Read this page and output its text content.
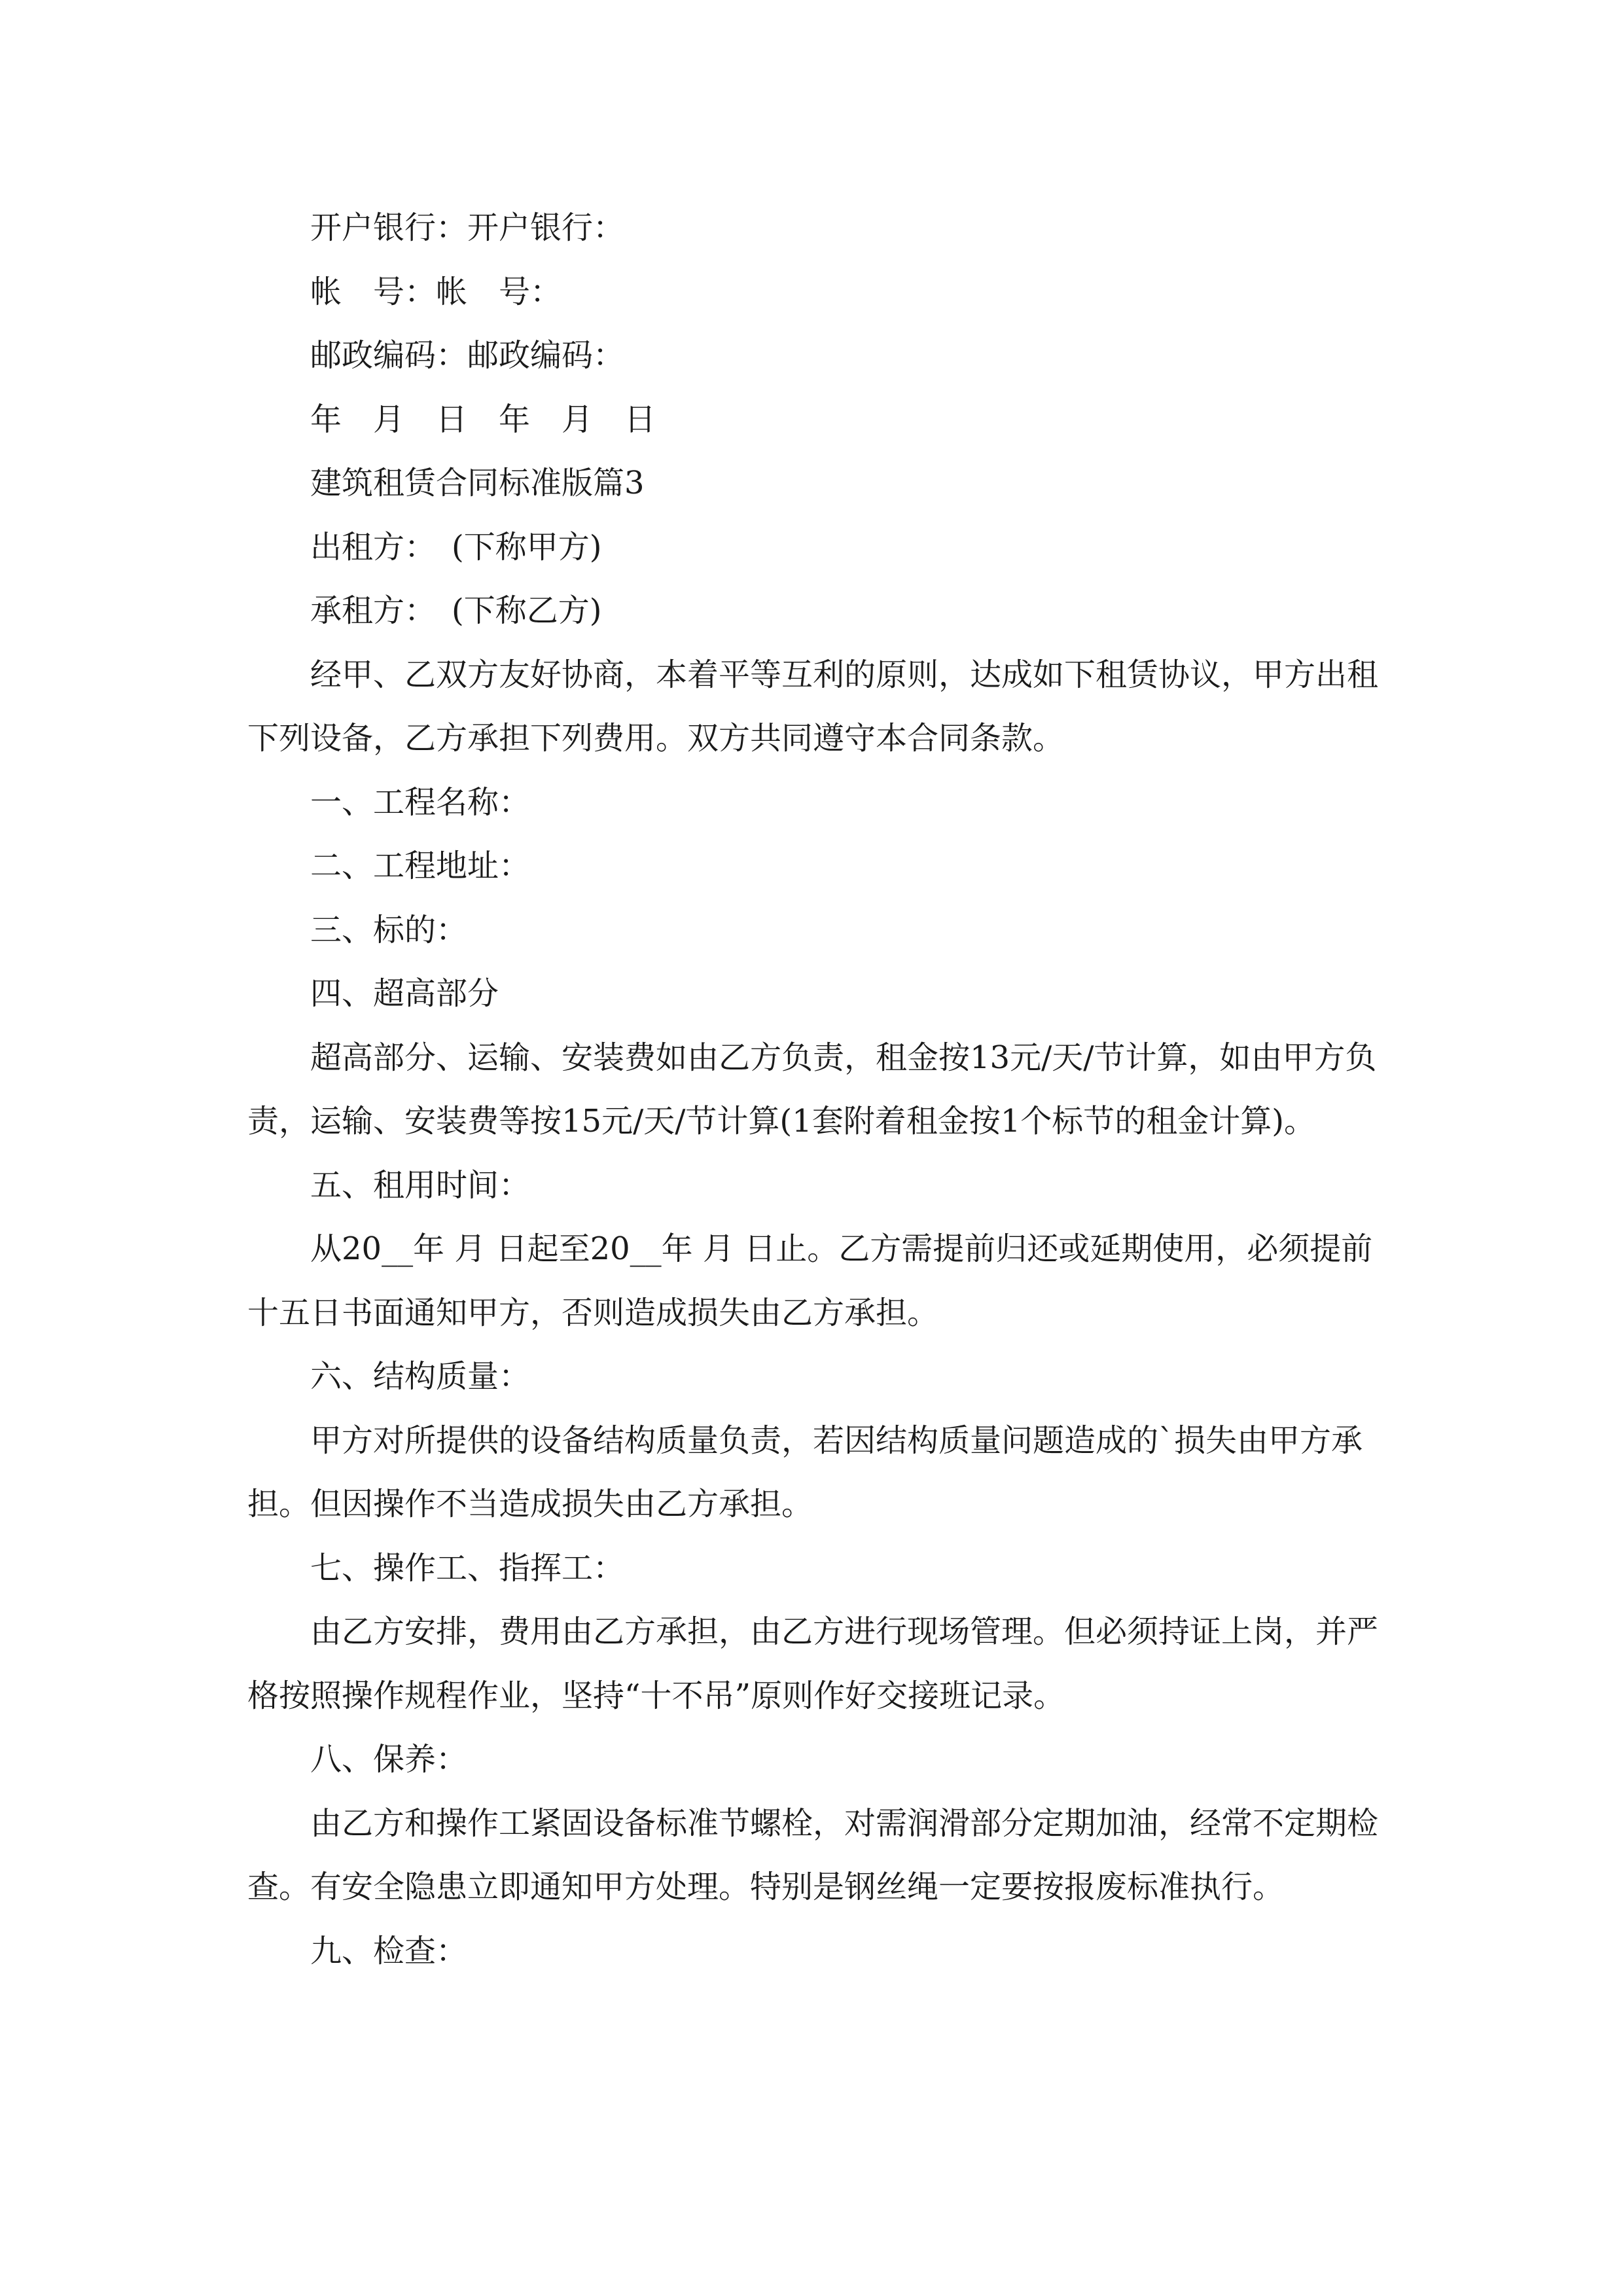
开户银行：开户银行：

帐　号：帐　号：

邮政编码：邮政编码：

年　月　日　年　月　日

建筑租赁合同标准版篇3

出租方：　(下称甲方)

承租方：　(下称乙方)

经甲、乙双方友好协商，本着平等互利的原则，达成如下租赁协议，甲方出租下列设备，乙方承担下列费用。双方共同遵守本合同条款。

一、工程名称：

二、工程地址：

三、标的：

四、超高部分

超高部分、运输、安装费如由乙方负责，租金按13元/天/节计算，如由甲方负责，运输、安装费等按15元/天/节计算(1套附着租金按1个标节的租金计算)。

五、租用时间：

从20__年 月 日起至20__年 月 日止。乙方需提前归还或延期使用，必须提前十五日书面通知甲方，否则造成损失由乙方承担。

六、结构质量：

甲方对所提供的设备结构质量负责，若因结构质量问题造成的`损失由甲方承担。但因操作不当造成损失由乙方承担。

七、操作工、指挥工：

由乙方安排，费用由乙方承担，由乙方进行现场管理。但必须持证上岗，并严格按照操作规程作业，坚持“十不吊”原则作好交接班记录。

八、保养：

由乙方和操作工紧固设备标准节螺栓，对需润滑部分定期加油，经常不定期检查。有安全隐患立即通知甲方处理。特别是钢丝绳一定要按报废标准执行。

九、检查：
